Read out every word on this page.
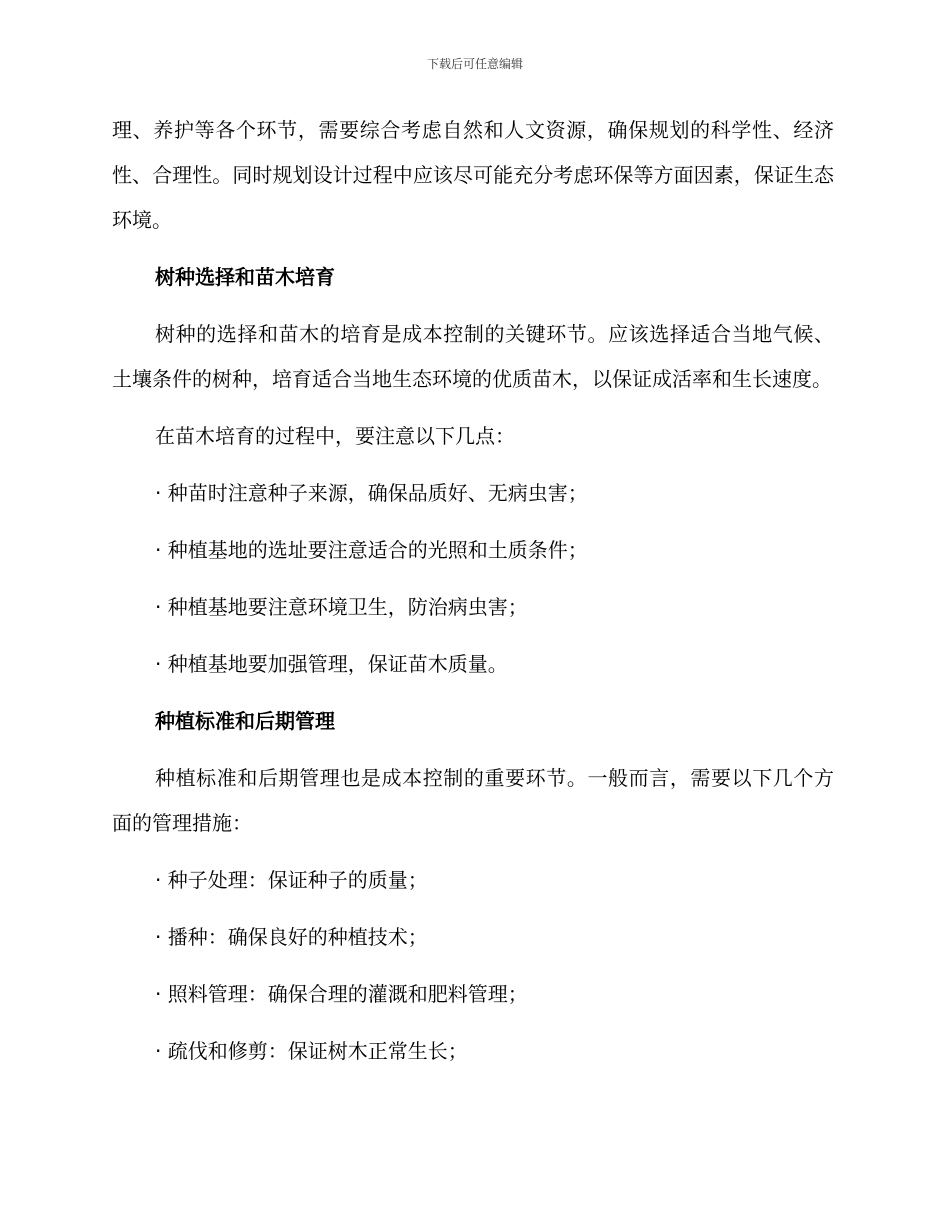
下载后可任意编辑

理、养护等各个环节，需要综合考虑自然和人文资源，确保规划的科学性、经济性、合理性。同时规划设计过程中应该尽可能充分考虑环保等方面因素，保证生态环境。

树种选择和苗木培育

树种的选择和苗木的培育是成本控制的关键环节。应该选择适合当地气候、土壤条件的树种，培育适合当地生态环境的优质苗木，以保证成活率和生长速度。

在苗木培育的过程中，要注意以下几点：

· 种苗时注意种子来源，确保品质好、无病虫害；
· 种植基地的选址要注意适合的光照和土质条件；
· 种植基地要注意环境卫生，防治病虫害；
· 种植基地要加强管理，保证苗木质量。
种植标准和后期管理

种植标准和后期管理也是成本控制的重要环节。一般而言，需要以下几个方面的管理措施：

· 种子处理：保证种子的质量；
· 播种：确保良好的种植技术；
· 照料管理：确保合理的灌溉和肥料管理；
· 疏伐和修剪：保证树木正常生长；
